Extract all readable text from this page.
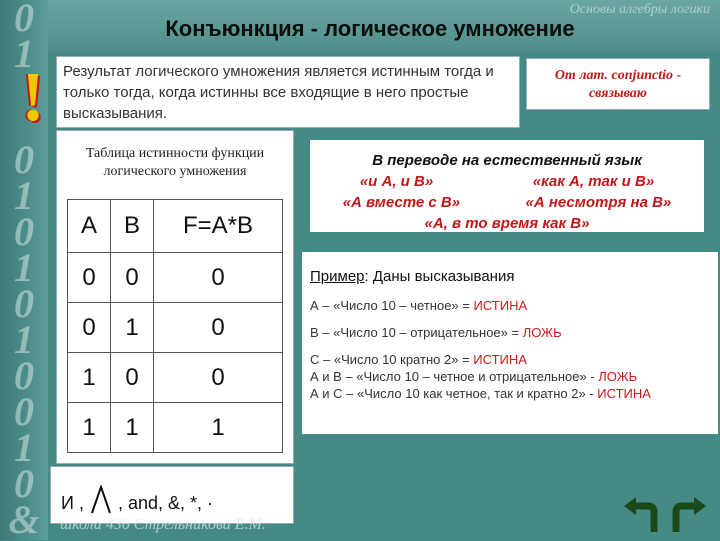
0
1
0
1
0
1
0
1
0
0
1
0
&
!
Основы алгебры логики
Конъюнкция - логическое умножение
Результат логического умножения является истинным тогда и только тогда, когда истинны все входящие в него простые высказывания.
От лат. conjunctio -
связываю
Таблица истинности функции
логического умножения
A	B	F=A*B
0	0	0
0	1	0
1	0	0
1	1	1
И , , and, &, *, ·
школа 436 Стрельникова Е.М.
В переводе на естественный язык
«и А, и В»	«как А, так и В»
«А вместе с В»	«А несмотря на В»
«А, в то время как В»
Пример: Даны высказывания
А – «Число 10 – четное» = ИСТИНА
В – «Число 10 – отрицательное» = ЛОЖЬ
С – «Число 10 кратно 2» = ИСТИНА
А и В – «Число 10 – четное и отрицательное» - ЛОЖЬ
А и С – «Число 10 как четное, так и кратно 2» - ИСТИНА
